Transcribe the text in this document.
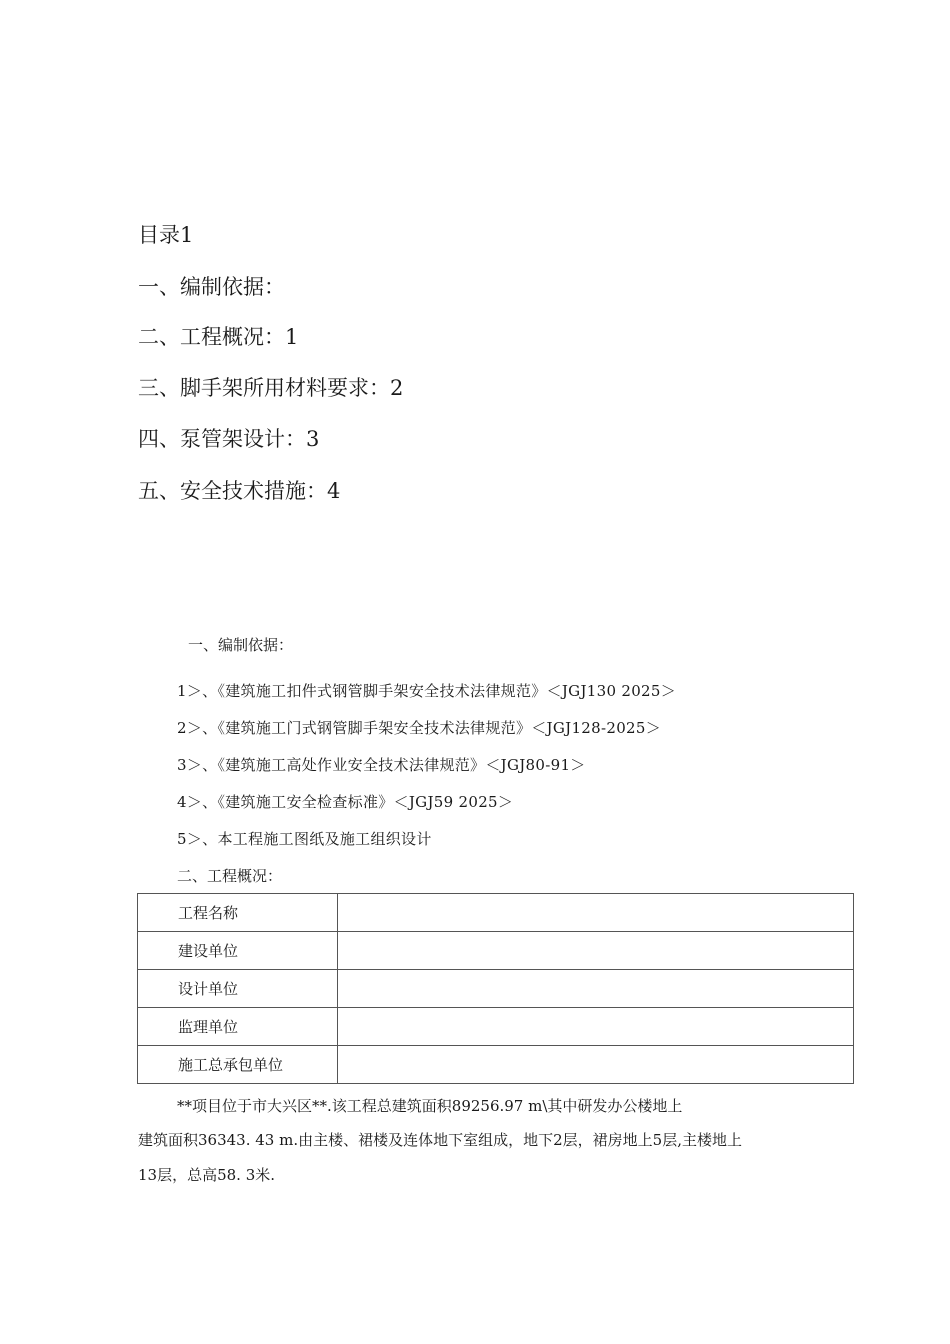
目录1
一、编制依据：
二、工程概况：1
三、脚手架所用材料要求：2
四、泵管架设计：3
五、安全技术措施：4
一、编制依据：
1＞、《建筑施工扣件式钢管脚手架安全技术法律规范》＜JGJ130 2025＞
2＞、《建筑施工门式钢管脚手架安全技术法律规范》＜JGJ128-2025＞
3＞、《建筑施工高处作业安全技术法律规范》＜JGJ80-91＞
4＞、《建筑施工安全检查标准》＜JGJ59 2025＞
5＞、本工程施工图纸及施工组织设计
二、工程概况：
工程名称	
建设单位	
设计单位	
监理单位	
施工总承包单位	
**项目位于市大兴区**.该工程总建筑面积89256.97 m\其中研发办公楼地上
建筑面积36343. 43 m.由主楼、裙楼及连体地下室组成，地下2层，裙房地上5层,主楼地上
13层，总高58. 3米.
